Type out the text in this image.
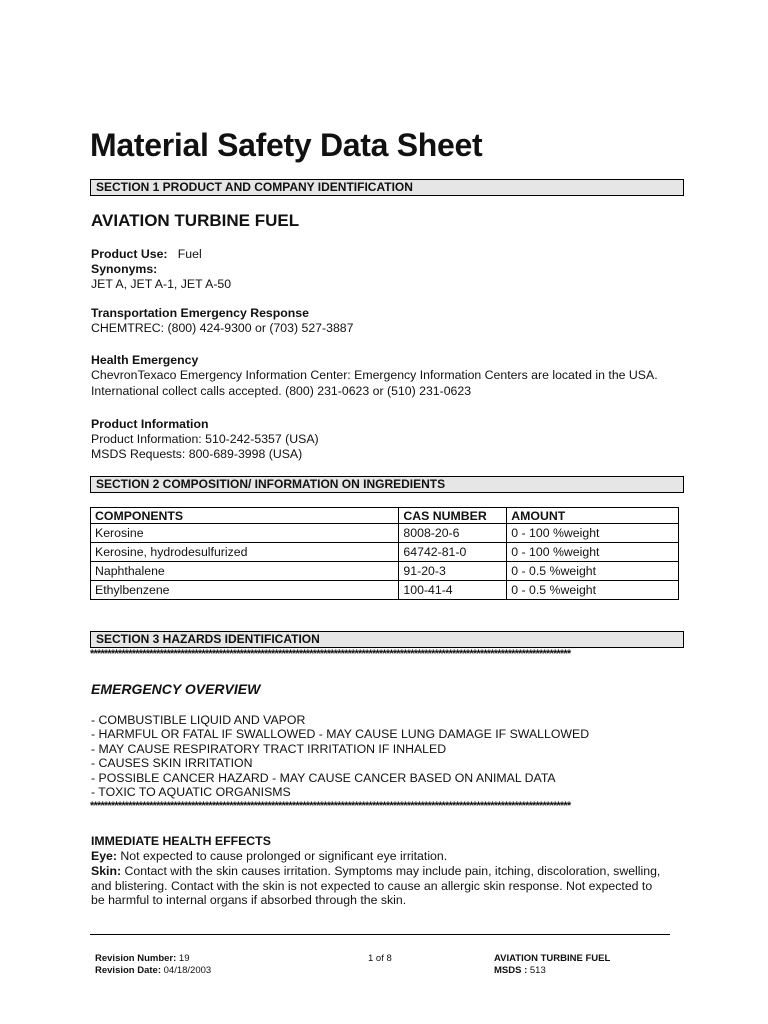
Material Safety Data Sheet
SECTION 1 PRODUCT AND COMPANY IDENTIFICATION
AVIATION TURBINE FUEL
Product Use: Fuel
Synonyms:
JET A, JET A-1, JET A-50
Transportation Emergency Response
CHEMTREC: (800) 424-9300 or (703) 527-3887
Health Emergency
ChevronTexaco Emergency Information Center: Emergency Information Centers are located in the USA.
International collect calls accepted. (800) 231-0623 or (510) 231-0623
Product Information
Product Information: 510-242-5357 (USA)
MSDS Requests: 800-689-3998 (USA)
SECTION 2 COMPOSITION/ INFORMATION ON INGREDIENTS
COMPONENTS	CAS NUMBER	AMOUNT
Kerosine	8008-20-6	0 - 100 %weight
Kerosine, hydrodesulfurized	64742-81-0	0 - 100 %weight
Naphthalene	91-20-3	0 - 0.5 %weight
Ethylbenzene	100-41-4	0 - 0.5 %weight
SECTION 3 HAZARDS IDENTIFICATION
******************************************************************************************************************************************
EMERGENCY OVERVIEW
- COMBUSTIBLE LIQUID AND VAPOR
- HARMFUL OR FATAL IF SWALLOWED - MAY CAUSE LUNG DAMAGE IF SWALLOWED
- MAY CAUSE RESPIRATORY TRACT IRRITATION IF INHALED
- CAUSES SKIN IRRITATION
- POSSIBLE CANCER HAZARD - MAY CAUSE CANCER BASED ON ANIMAL DATA
- TOXIC TO AQUATIC ORGANISMS
******************************************************************************************************************************************
IMMEDIATE HEALTH EFFECTS
Eye: Not expected to cause prolonged or significant eye irritation.
Skin: Contact with the skin causes irritation. Symptoms may include pain, itching, discoloration, swelling,
and blistering. Contact with the skin is not expected to cause an allergic skin response. Not expected to
be harmful to internal organs if absorbed through the skin.
Revision Number: 19
Revision Date: 04/18/2003
1 of 8	AVIATION TURBINE FUEL
MSDS : 513
